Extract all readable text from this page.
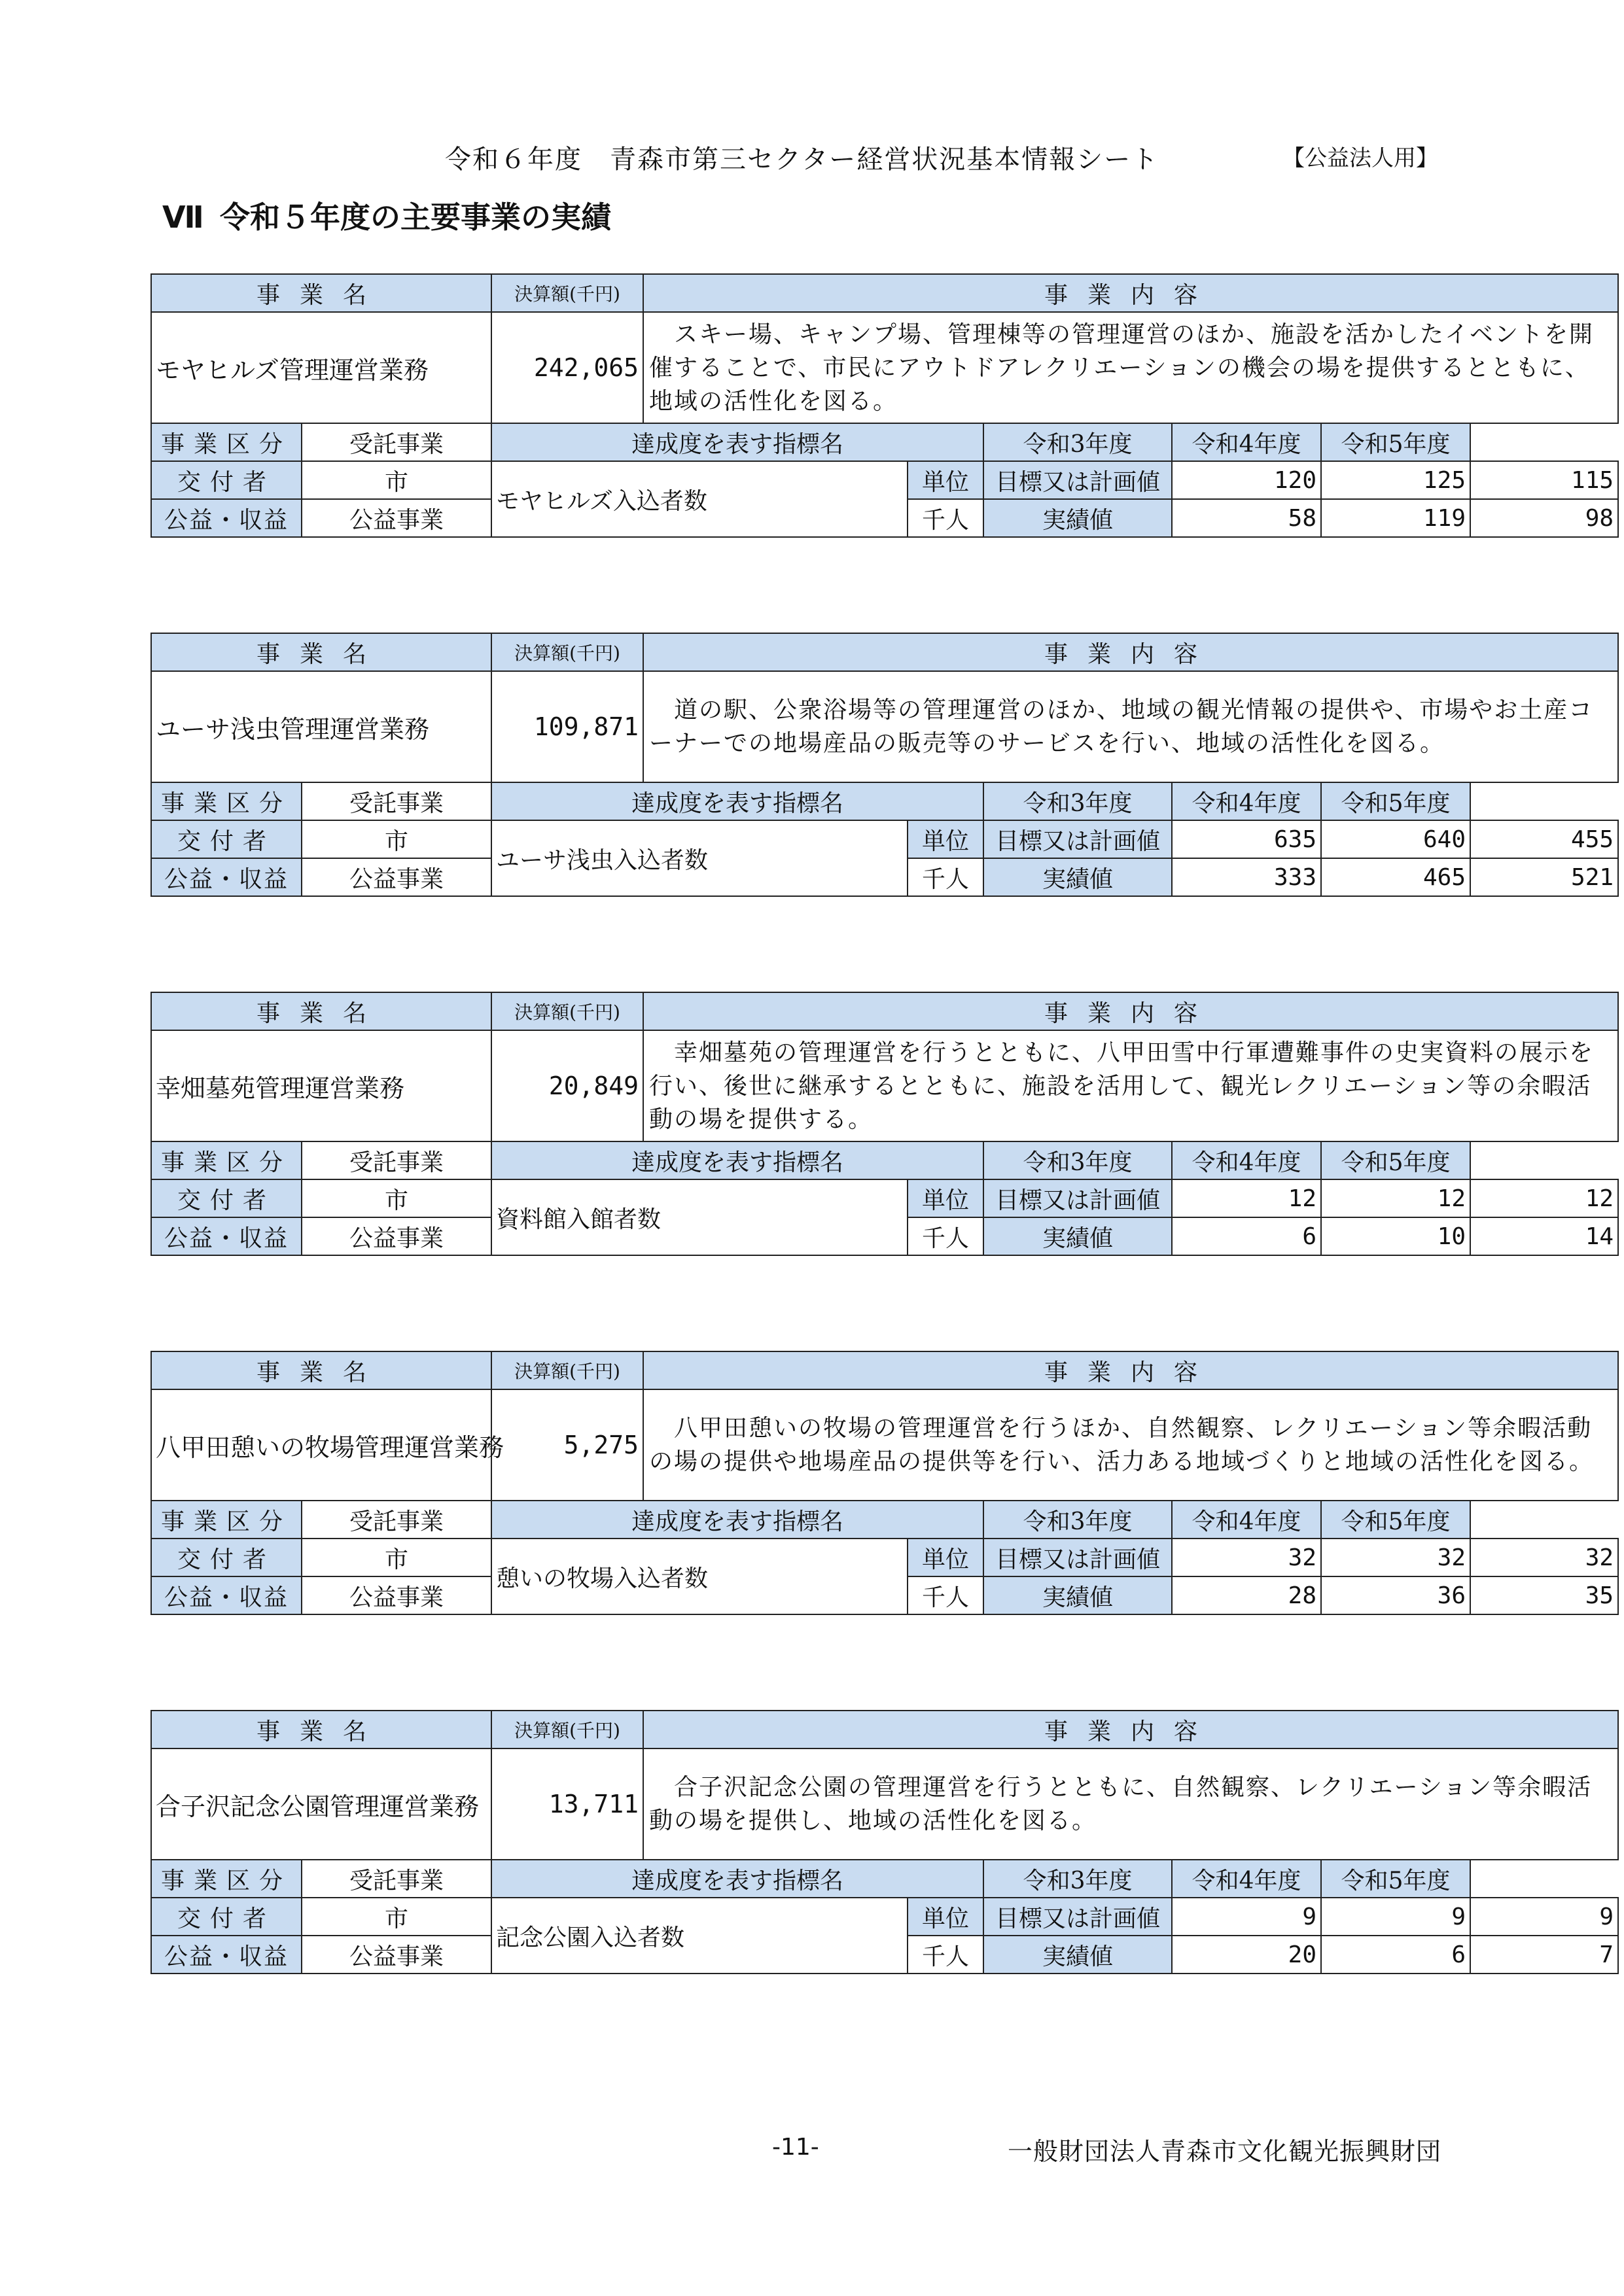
令和６年度　青森市第三セクター経営状況基本情報シート	【公益法人用】
Ⅶ 令和５年度の主要事業の実績
事業名		決算額(千円)	事業内容					
モヤヒルズ管理運営業務		242,065	　スキー場、キャンプ場、管理棟等の管理運営のほか、施設を活かしたイベントを開催することで、市民にアウトドアレクリエーションの機会の場を提供するとともに、地域の活性化を図る。					
事業区分	受託事業	達成度を表す指標名			令和3年度	令和4年度	令和5年度	
交付者	市	モヤヒルズ入込者数		単位	目標又は計画値	120	125	115
公益・収益	公益事業			千人	実績値	58	119	98
事業名		決算額(千円)	事業内容					
ユーサ浅虫管理運営業務		109,871	　道の駅、公衆浴場等の管理運営のほか、地域の観光情報の提供や、市場やお土産コーナーでの地場産品の販売等のサービスを行い、地域の活性化を図る。					
事業区分	受託事業	達成度を表す指標名			令和3年度	令和4年度	令和5年度	
交付者	市	ユーサ浅虫入込者数		単位	目標又は計画値	635	640	455
公益・収益	公益事業			千人	実績値	333	465	521
事業名		決算額(千円)	事業内容					
幸畑墓苑管理運営業務		20,849	　幸畑墓苑の管理運営を行うとともに、八甲田雪中行軍遭難事件の史実資料の展示を行い、後世に継承するとともに、施設を活用して、観光レクリエーション等の余暇活動の場を提供する。					
事業区分	受託事業	達成度を表す指標名			令和3年度	令和4年度	令和5年度	
交付者	市	資料館入館者数		単位	目標又は計画値	12	12	12
公益・収益	公益事業			千人	実績値	6	10	14
事業名		決算額(千円)	事業内容					
八甲田憩いの牧場管理運営業務		5,275	　八甲田憩いの牧場の管理運営を行うほか、自然観察、レクリエーション等余暇活動の場の提供や地場産品の提供等を行い、活力ある地域づくりと地域の活性化を図る。					
事業区分	受託事業	達成度を表す指標名			令和3年度	令和4年度	令和5年度	
交付者	市	憩いの牧場入込者数		単位	目標又は計画値	32	32	32
公益・収益	公益事業			千人	実績値	28	36	35
事業名		決算額(千円)	事業内容					
合子沢記念公園管理運営業務		13,711	　合子沢記念公園の管理運営を行うとともに、自然観察、レクリエーション等余暇活動の場を提供し、地域の活性化を図る。					
事業区分	受託事業	達成度を表す指標名			令和3年度	令和4年度	令和5年度	
交付者	市	記念公園入込者数		単位	目標又は計画値	9	9	9
公益・収益	公益事業			千人	実績値	20	6	7
-11-	一般財団法人青森市文化観光振興財団
